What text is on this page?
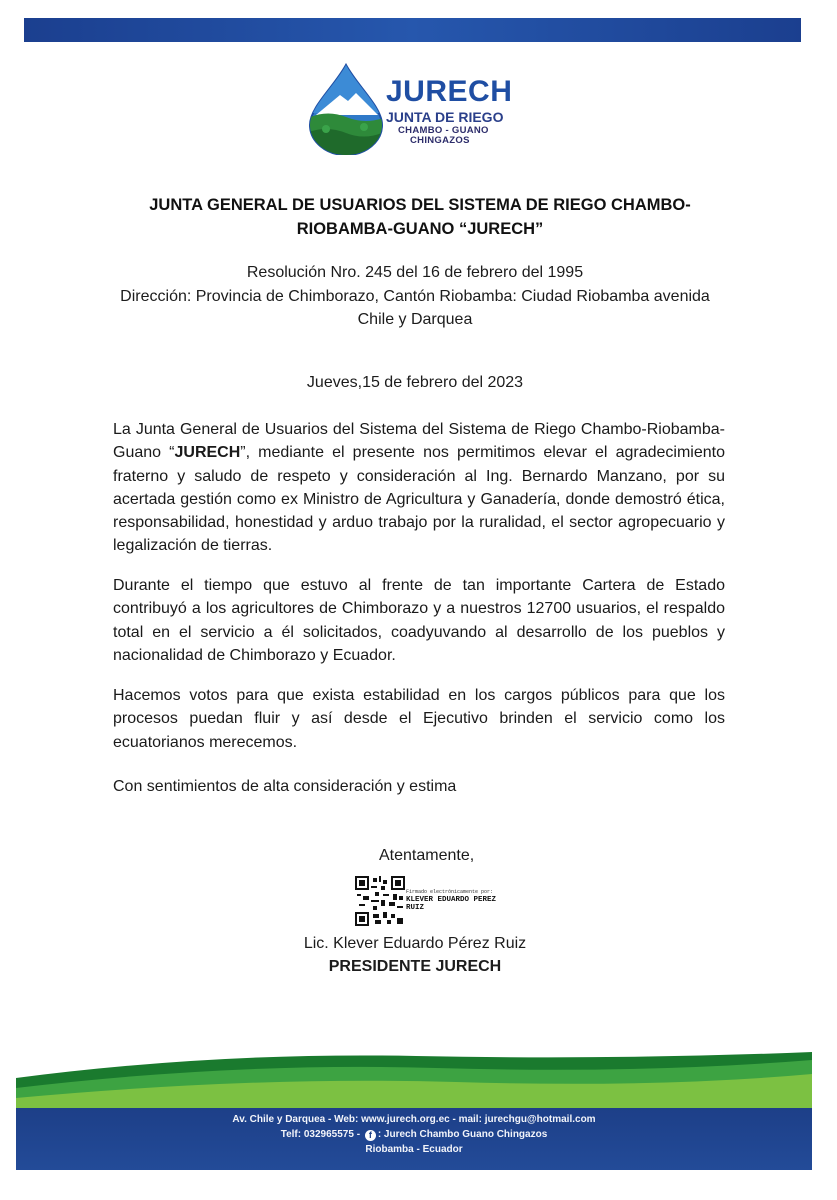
JURECH
JUNTA DE RIEGO
CHAMBO - GUANO
CHINGAZOS
JUNTA GENERAL DE USUARIOS DEL SISTEMA DE RIEGO CHAMBO-RIOBAMBA-GUANO “JURECH”
Resolución Nro. 245 del 16 de febrero del 1995
Dirección: Provincia de Chimborazo, Cantón Riobamba: Ciudad Riobamba avenida Chile y Darquea
Jueves,15 de febrero del 2023
La Junta General de Usuarios del Sistema del Sistema de Riego Chambo-Riobamba-Guano “JURECH”, mediante el presente nos permitimos elevar el agradecimiento fraterno y saludo de respeto y consideración al Ing. Bernardo Manzano, por su acertada gestión como ex Ministro de Agricultura y Ganadería, donde demostró ética, responsabilidad, honestidad y arduo trabajo por la ruralidad, el sector agropecuario y legalización de tierras.
Durante el tiempo que estuvo al frente de tan importante Cartera de Estado contribuyó a los agricultores de Chimborazo y a nuestros 12700 usuarios, el respaldo total en el servicio a él solicitados, coadyuvando al desarrollo de los pueblos y nacionalidad de Chimborazo y Ecuador.
Hacemos votos para que exista estabilidad en los cargos públicos para que los procesos puedan fluir y así desde el Ejecutivo brinden el servicio como los ecuatorianos merecemos.
Con sentimientos de alta consideración y estima
Atentamente,
Firmado electrónicamente por:
KLEVER EDUARDO PEREZ RUIZ
Lic. Klever Eduardo Pérez Ruiz
PRESIDENTE JURECH
Av. Chile y Darquea - Web: www.jurech.org.ec - mail: jurechgu@hotmail.com
Telf: 032965575 - f : Jurech Chambo Guano Chingazos
Riobamba - Ecuador
